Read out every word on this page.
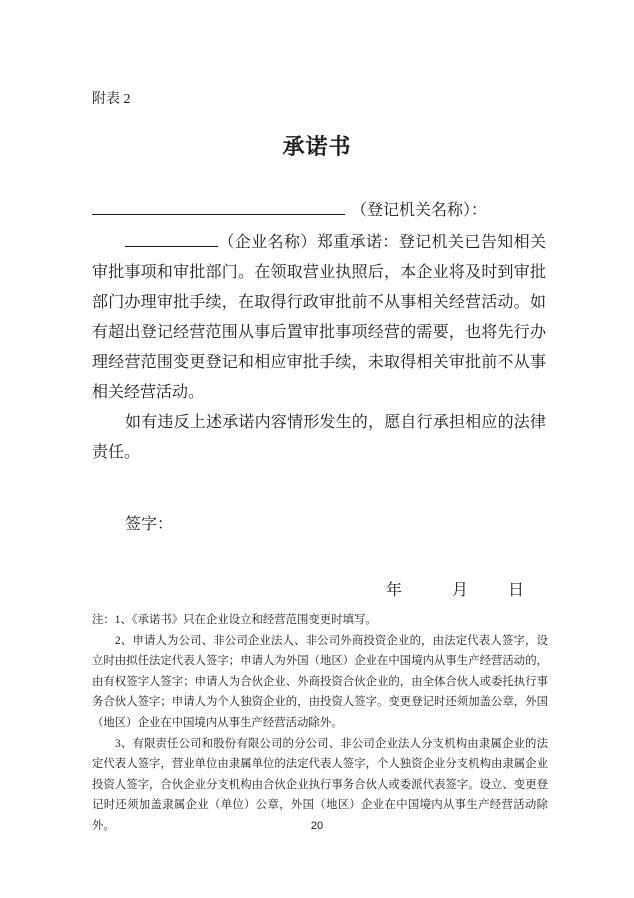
附表 2
承诺书
（登记机关名称）：

（企业名称）郑重承诺：登记机关已告知相关审批事项和审批部门。在领取营业执照后，本企业将及时到审批部门办理审批手续，在取得行政审批前不从事相关经营活动。如有超出登记经营范围从事后置审批事项经营的需要，也将先行办理经营范围变更登记和相应审批手续，未取得相关审批前不从事相关经营活动。

如有违反上述承诺内容情形发生的，愿自行承担相应的法律责任。

签字：
年	月	日

注：1、《承诺书》只在企业设立和经营范围变更时填写。

2、申请人为公司、非公司企业法人、非公司外商投资企业的，由法定代表人签字，设立时由拟任法定代表人签字；申请人为外国（地区）企业在中国境内从事生产经营活动的，由有权签字人签字；申请人为合伙企业、外商投资合伙企业的，由全体合伙人或委托执行事务合伙人签字；申请人为个人独资企业的，由投资人签字。变更登记时还须加盖公章，外国（地区）企业在中国境内从事生产经营活动除外。

3、有限责任公司和股份有限公司的分公司、非公司企业法人分支机构由隶属企业的法定代表人签字，营业单位由隶属单位的法定代表人签字，个人独资企业分支机构由隶属企业投资人签字，合伙企业分支机构由合伙企业执行事务合伙人或委派代表签字。设立、变更登记时还须加盖隶属企业（单位）公章，外国（地区）企业在中国境内从事生产经营活动除外。	20
